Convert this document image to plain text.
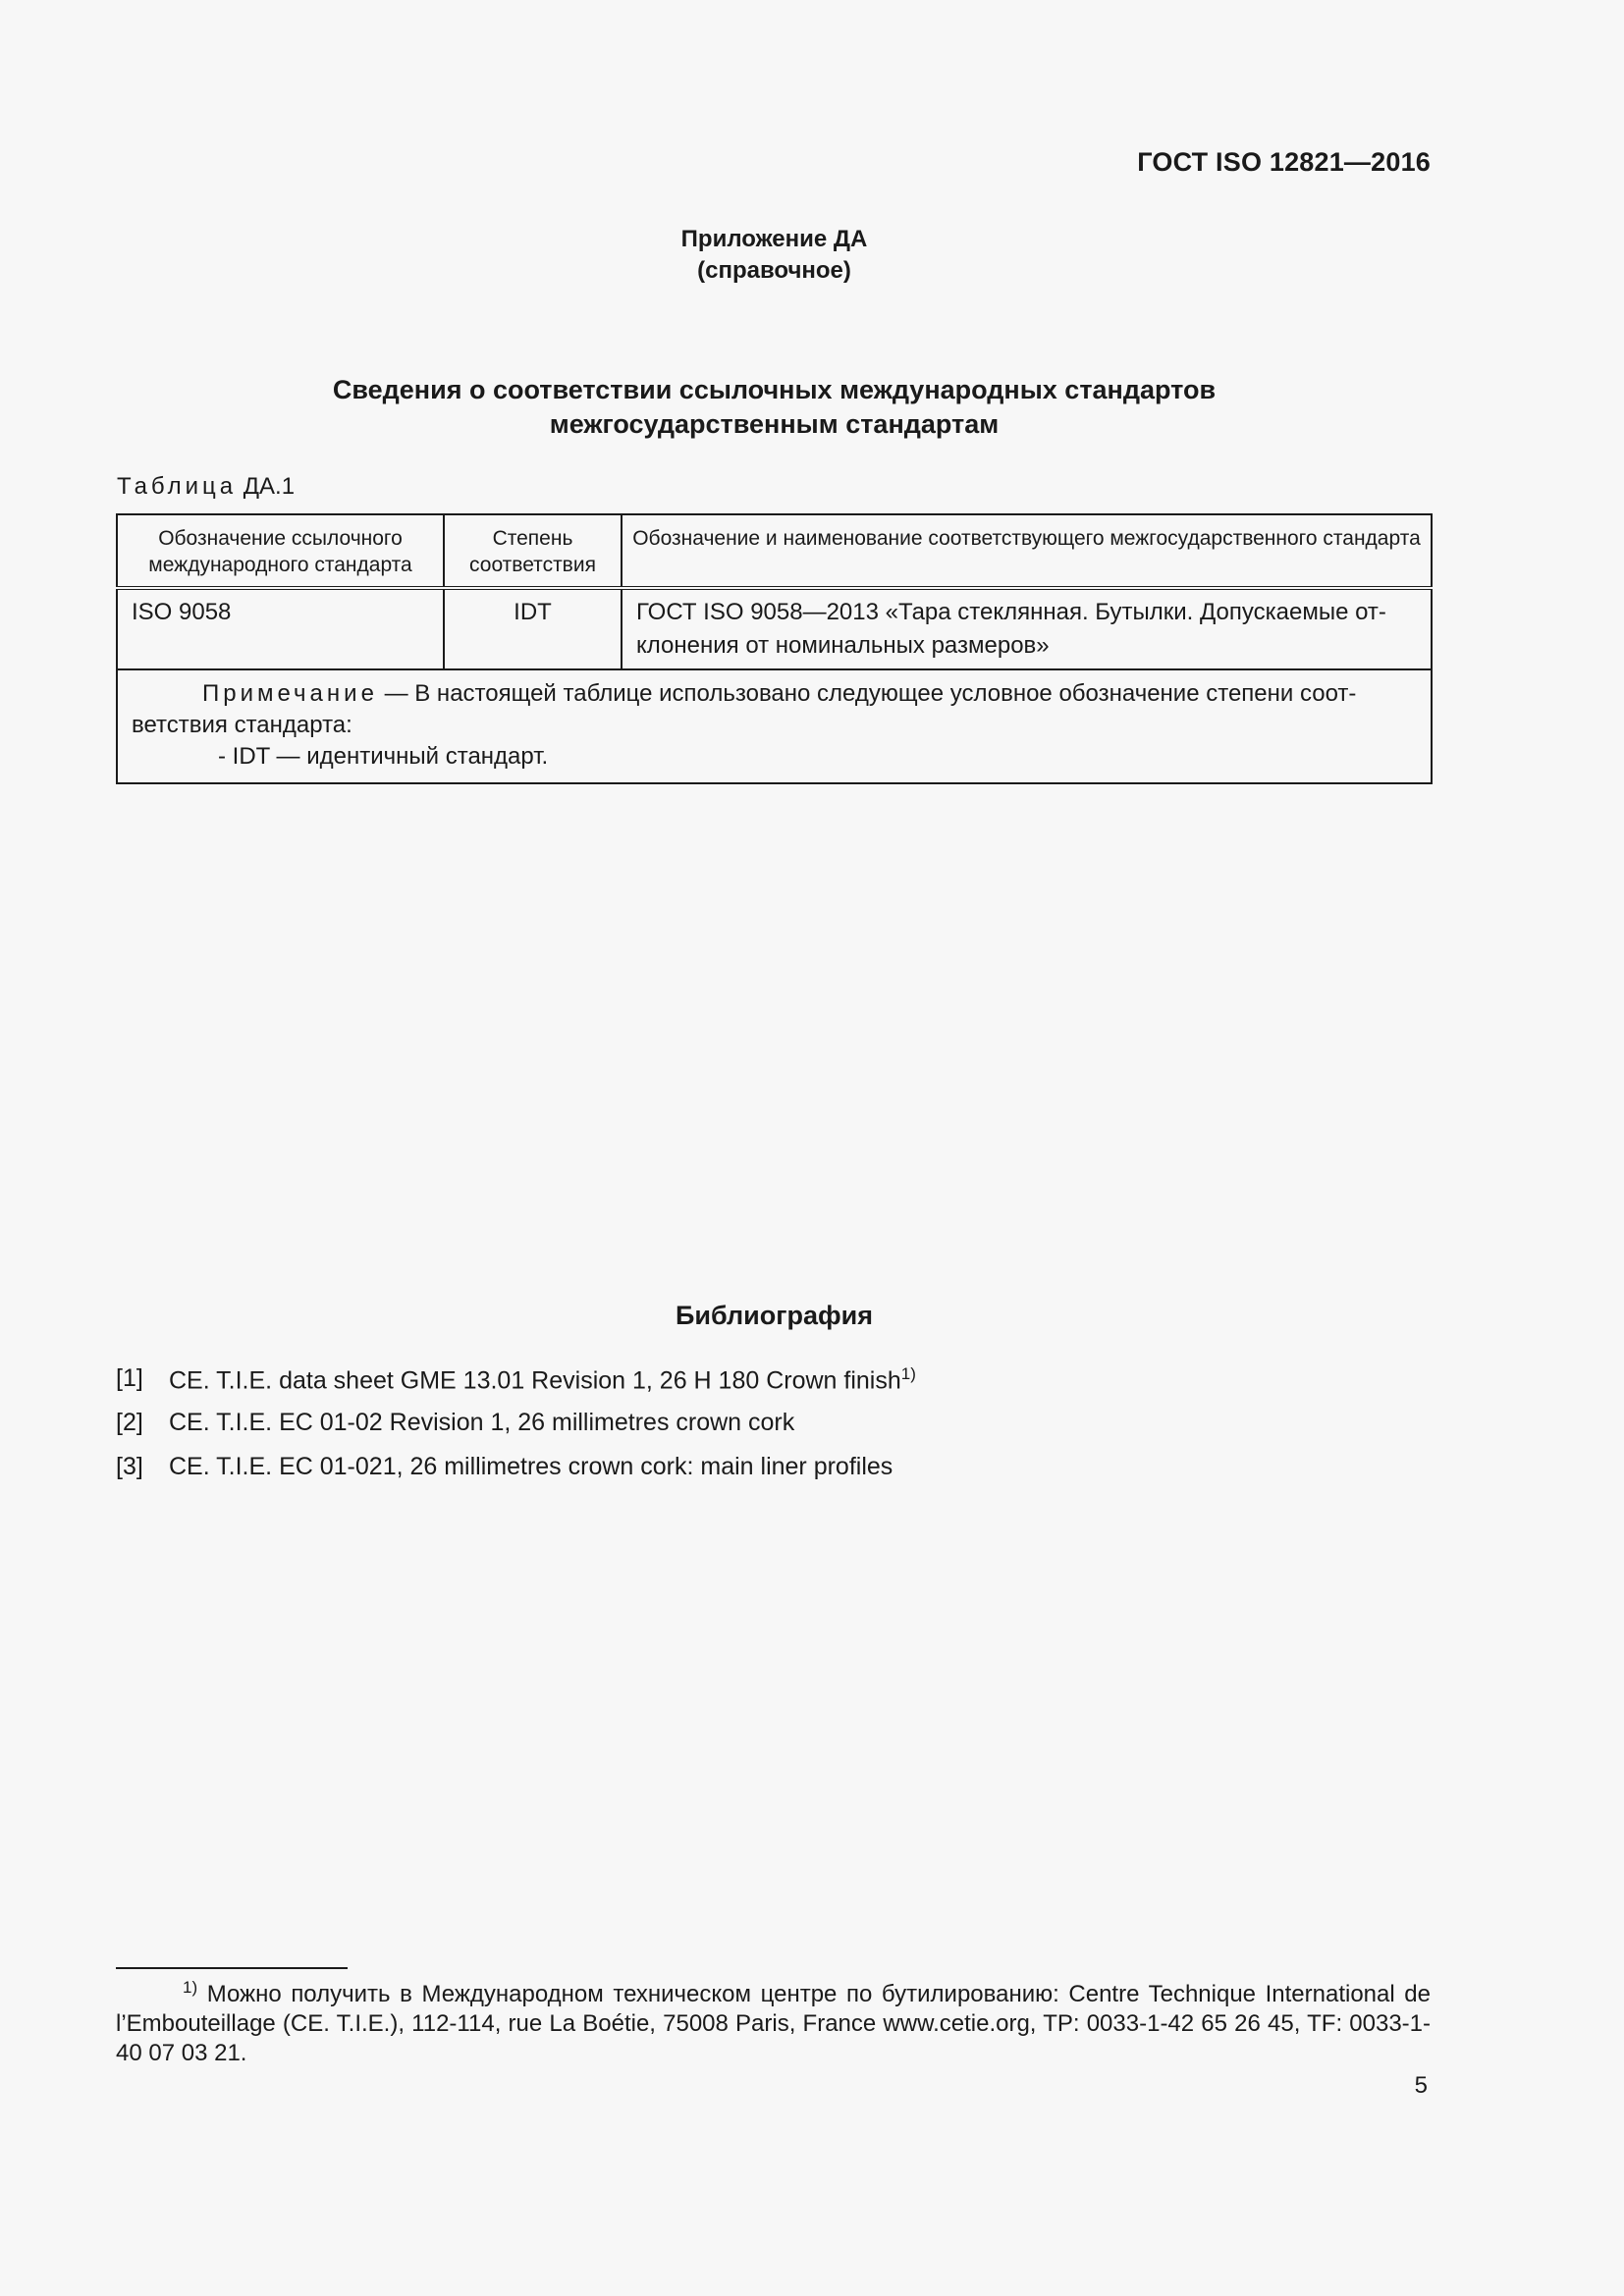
ГОСТ ISO 12821—2016
Приложение ДА
(справочное)
Сведения о соответствии ссылочных международных стандартов
межгосударственным стандартам
Таблица ДА.1
Обозначение ссылочного международного стандарта	Степень соответствия	Обозначение и наименование соответствующего межгосударственного стандарта
ISO 9058	IDT	ГОСТ ISO 9058—2013 «Тара стеклянная. Бутылки. Допускаемые отклонения от номинальных размеров»

Примечание — В настоящей таблице использовано следующее условное обозначение степени соответствия стандарта:
- IDT — идентичный стандарт.		
Библиография
[1]	CE. T.I.E. data sheet GME 13.01 Revision 1, 26 H 180 Crown finish$^{1)}$
[2]	CE. T.I.E. EC 01-02 Revision 1, 26 millimetres crown cork
[3]	CE. T.I.E. EC 01-021, 26 millimetres crown cork: main liner profiles
$^{1)}$ Можно получить в Международном техническом центре по бутилированию: Centre Technique International de l’Embouteillage (CE. T.I.E.), 112-114, rue La Boétie, 75008 Paris, France www.cetie.org, TP: 0033-1-42 65 26 45, TF: 0033-1-40 07 03 21.
5
